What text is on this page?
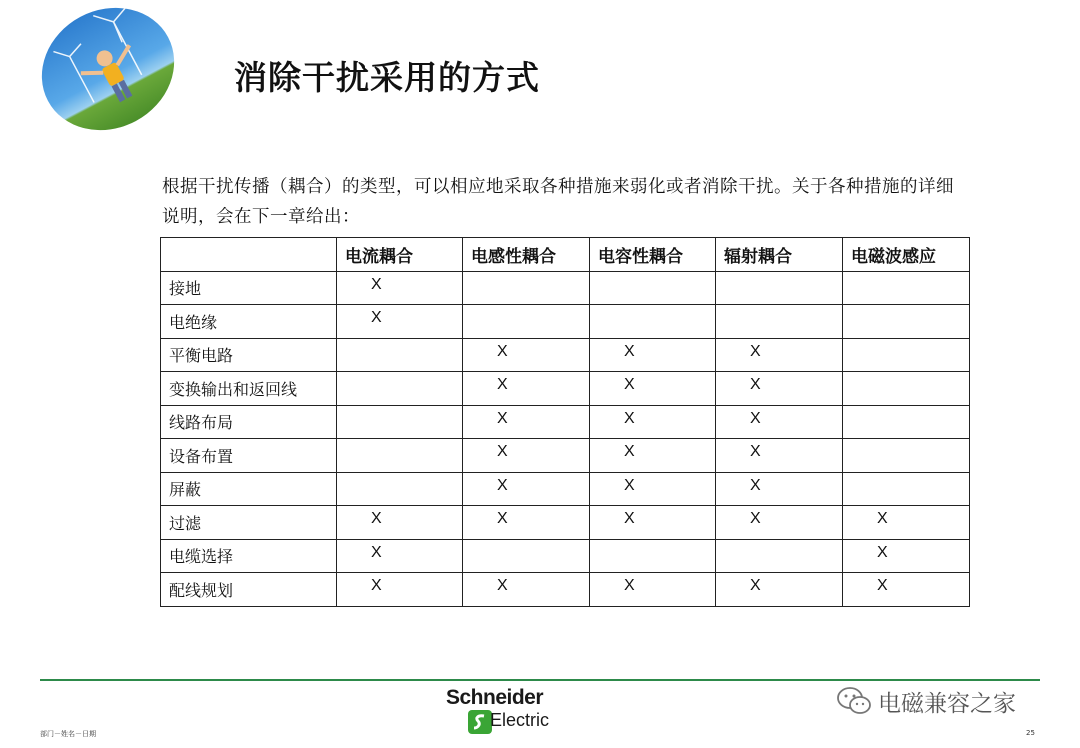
消除干扰采用的方式
根据干扰传播（耦合）的类型，可以相应地采取各种措施来弱化或者消除干扰。关于各种措施的详细说明，会在下一章给出：
	电流耦合	电感性耦合	电容性耦合	辐射耦合	电磁波感应
接地	X				
电绝缘	X				
平衡电路		X	X	X	
变换输出和返回线		X	X	X	
线路布局		X	X	X	
设备布置		X	X	X	
屏蔽		X	X	X	
过滤	X	X	X	X	X
电缆选择	X				X
配线规划	X	X	X	X	X
Schneider
Electric
部门－姓名－日期	25
电磁兼容之家
